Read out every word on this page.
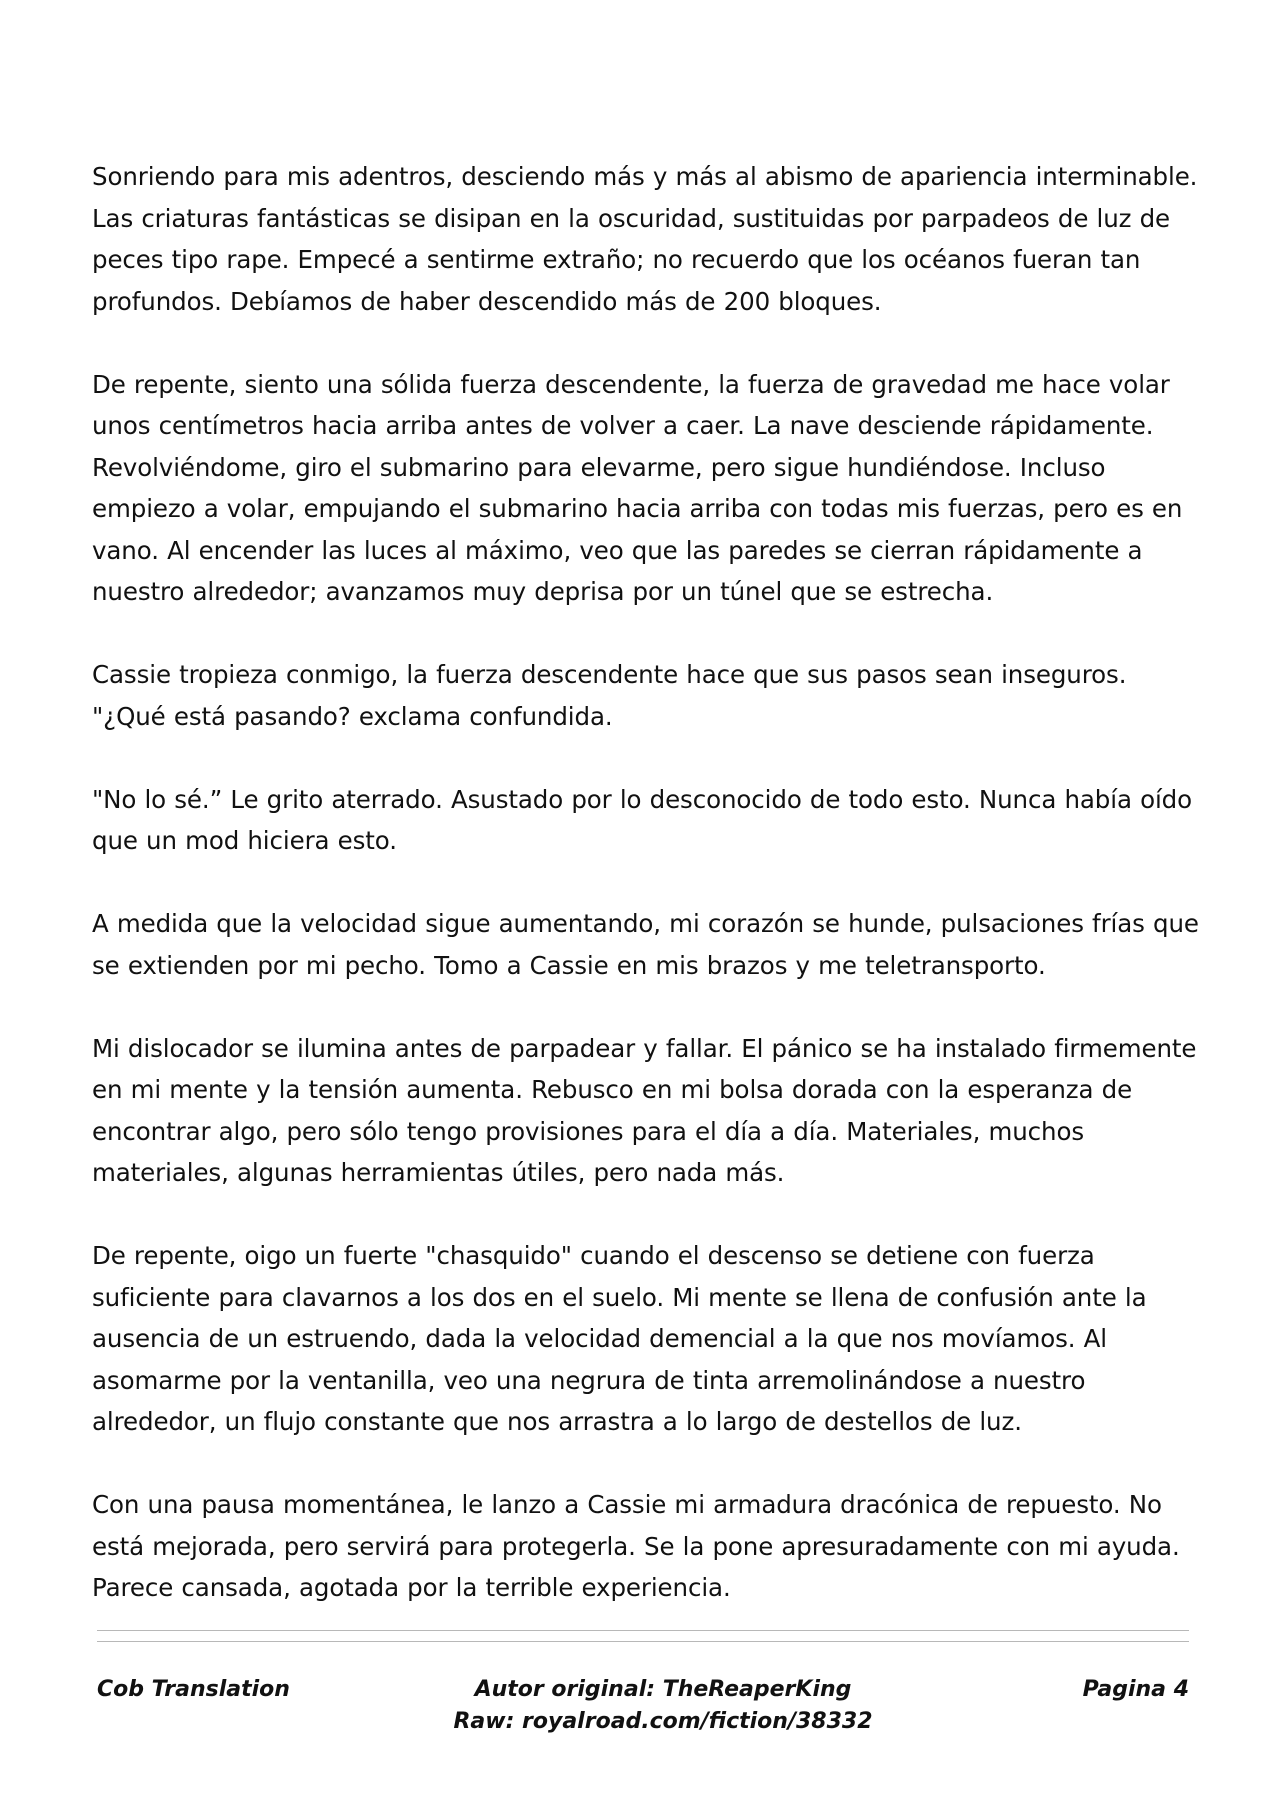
Sonriendo para mis adentros, desciendo más y más al abismo de apariencia interminable. Las criaturas fantásticas se disipan en la oscuridad, sustituidas por parpadeos de luz de peces tipo rape. Empecé a sentirme extraño; no recuerdo que los océanos fueran tan profundos. Debíamos de haber descendido más de 200 bloques.

De repente, siento una sólida fuerza descendente, la fuerza de gravedad me hace volar unos centímetros hacia arriba antes de volver a caer. La nave desciende rápidamente. Revolviéndome, giro el submarino para elevarme, pero sigue hundiéndose. Incluso empiezo a volar, empujando el submarino hacia arriba con todas mis fuerzas, pero es en vano. Al encender las luces al máximo, veo que las paredes se cierran rápidamente a nuestro alrededor; avanzamos muy deprisa por un túnel que se estrecha.

Cassie tropieza conmigo, la fuerza descendente hace que sus pasos sean inseguros. "¿Qué está pasando? exclama confundida.

"No lo sé.” Le grito aterrado. Asustado por lo desconocido de todo esto. Nunca había oído que un mod hiciera esto.

A medida que la velocidad sigue aumentando, mi corazón se hunde, pulsaciones frías que se extienden por mi pecho. Tomo a Cassie en mis brazos y me teletransporto.

Mi dislocador se ilumina antes de parpadear y fallar. El pánico se ha instalado firmemente en mi mente y la tensión aumenta. Rebusco en mi bolsa dorada con la esperanza de encontrar algo, pero sólo tengo provisiones para el día a día. Materiales, muchos materiales, algunas herramientas útiles, pero nada más.

De repente, oigo un fuerte "chasquido" cuando el descenso se detiene con fuerza suficiente para clavarnos a los dos en el suelo. Mi mente se llena de confusión ante la ausencia de un estruendo, dada la velocidad demencial a la que nos movíamos. Al asomarme por la ventanilla, veo una negrura de tinta arremolinándose a nuestro alrededor, un flujo constante que nos arrastra a lo largo de destellos de luz.

Con una pausa momentánea, le lanzo a Cassie mi armadura dracónica de repuesto. No está mejorada, pero servirá para protegerla. Se la pone apresuradamente con mi ayuda. Parece cansada, agotada por la terrible experiencia.

Cob Translation	Autor original: TheReaperKing
Raw: royalroad.com/fiction/38332
Pagina 4
